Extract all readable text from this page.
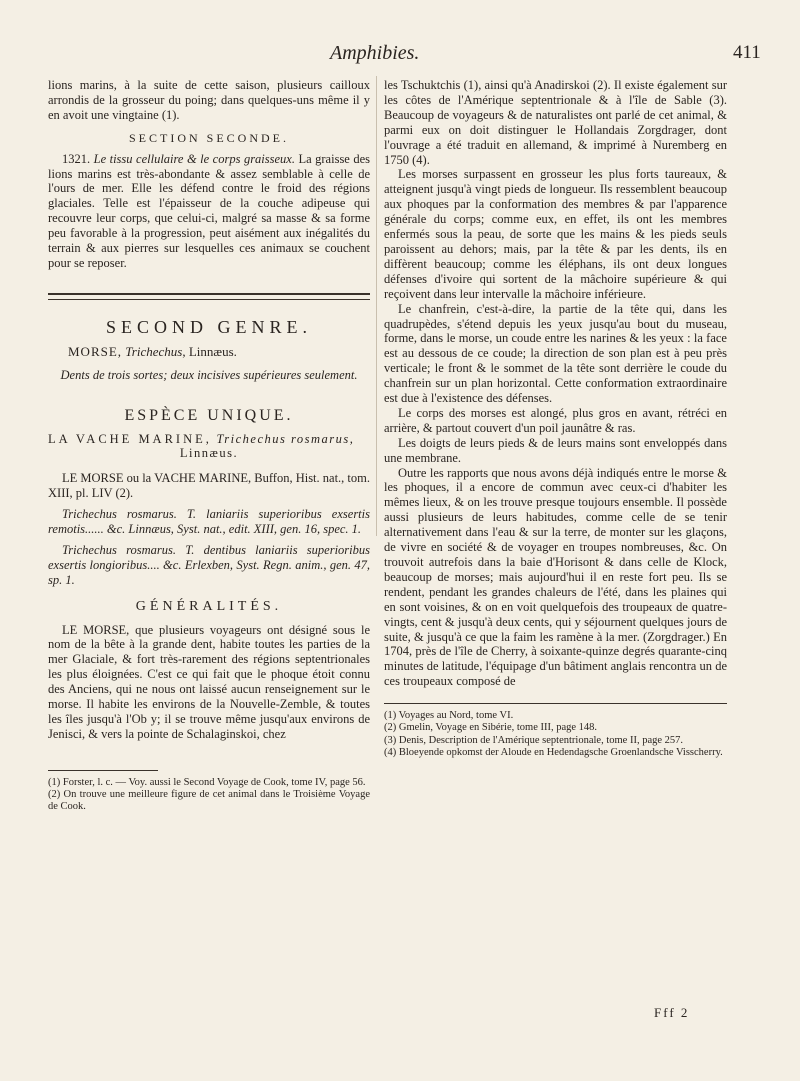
Amphibies.	411

lions marins, à la suite de cette saison, plusieurs cailloux arrondis de la grosseur du poing; dans quelques-uns même il y en avoit une vingtaine (1).

SECTION SECONDE.

1321. Le tissu cellulaire & le corps graisseux. La graisse des lions marins est très-abondante & assez semblable à celle de l'ours de mer. Elle les défend contre le froid des régions glaciales. Telle est l'épaisseur de la couche adipeuse qui recouvre leur corps, que celui-ci, malgré sa masse & sa forme peu favorable à la progression, peut aisément aux inégalités du terrain & aux pierres sur lesquelles ces animaux se couchent pour se reposer.

SECOND GENRE.
MORSE, Trichechus, Linnæus.
Dents de trois sortes; deux incisives supérieures seulement.
ESPÈCE UNIQUE.
LA VACHE MARINE, Trichechus rosmarus,
Linnæus.

LE MORSE ou la VACHE MARINE, Buffon, Hist. nat., tom. XIII, pl. LIV (2).

Trichechus rosmarus. T. laniariis superioribus exsertis remotis...... &c. Linnæus, Syst. nat., edit. XIII, gen. 16, spec. 1.

Trichechus rosmarus. T. dentibus laniariis superioribus exsertis longioribus.... &c. Erlexben, Syst. Regn. anim., gen. 47, sp. 1.

GÉNÉRALITÉS.

LE MORSE, que plusieurs voyageurs ont désigné sous le nom de la bête à la grande dent, habite toutes les parties de la mer Glaciale, & fort très-rarement des régions septentrionales les plus éloignées. C'est ce qui fait que le phoque étoit connu des Anciens, qui ne nous ont laissé aucun renseignement sur le morse. Il habite les environs de la Nouvelle-Zemble, & toutes les îles jusqu'à l'Ob y; il se trouve même jusqu'aux environs de Jenisci, & vers la pointe de Schalaginskoi, chez

(1) Forster, l. c. — Voy. aussi le Second Voyage de Cook, tome IV, page 56.

(2) On trouve une meilleure figure de cet animal dans le Troisième Voyage de Cook.

les Tschuktchis (1), ainsi qu'à Anadirskoi (2). Il existe également sur les côtes de l'Amérique septentrionale & à l'île de Sable (3). Beaucoup de voyageurs & de naturalistes ont parlé de cet animal, & parmi eux on doit distinguer le Hollandais Zorgdrager, dont l'ouvrage a été traduit en allemand, & imprimé à Nuremberg en 1750 (4).

Les morses surpassent en grosseur les plus forts taureaux, & atteignent jusqu'à vingt pieds de longueur. Ils ressemblent beaucoup aux phoques par la conformation des membres & par l'apparence générale du corps; comme eux, en effet, ils ont les membres enfermés sous la peau, de sorte que les mains & les pieds seuls paroissent au dehors; mais, par la tête & par les dents, ils en diffèrent beaucoup; comme les éléphans, ils ont deux longues défenses d'ivoire qui sortent de la mâchoire supérieure & qui reçoivent dans leur intervalle la mâchoire inférieure.

Le chanfrein, c'est-à-dire, la partie de la tête qui, dans les quadrupèdes, s'étend depuis les yeux jusqu'au bout du museau, forme, dans le morse, un coude entre les narines & les yeux : la face est au dessous de ce coude; la direction de son plan est à peu près verticale; le front & le sommet de la tête sont derrière le coude du chanfrein sur un plan horizontal. Cette conformation extraordinaire est due à l'existence des défenses.

Le corps des morses est alongé, plus gros en avant, rétréci en arrière, & partout couvert d'un poil jaunâtre & ras.

Les doigts de leurs pieds & de leurs mains sont enveloppés dans une membrane.

Outre les rapports que nous avons déjà indiqués entre le morse & les phoques, il a encore de commun avec ceux-ci d'habiter les mêmes lieux, & on les trouve presque toujours ensemble. Il possède aussi plusieurs de leurs habitudes, comme celle de se tenir alternativement dans l'eau & sur la terre, de monter sur les glaçons, de vivre en société & de voyager en troupes nombreuses, &c. On trouvoit autrefois dans la baie d'Horisont & dans celle de Klock, beaucoup de morses; mais aujourd'hui il en reste fort peu. Ils se rendent, pendant les grandes chaleurs de l'été, dans les plaines qui en sont voisines, & on en voit quelquefois des troupeaux de quatre-vingts, cent & jusqu'à deux cents, qui y séjournent quelques jours de suite, & jusqu'à ce que la faim les ramène à la mer. (Zorgdrager.) En 1704, près de l'île de Cherry, à soixante-quinze degrés quarante-cinq minutes de latitude, l'équipage d'un bâtiment anglais rencontra un de ces troupeaux composé de

(1) Voyages au Nord, tome VI.

(2) Gmelin, Voyage en Sibérie, tome III, page 148.

(3) Denis, Description de l'Amérique septentrionale, tome II, page 257.

(4) Bloeyende opkomst der Aloude en Hedendagsche Groenlandsche Visscherry.

Fff 2
